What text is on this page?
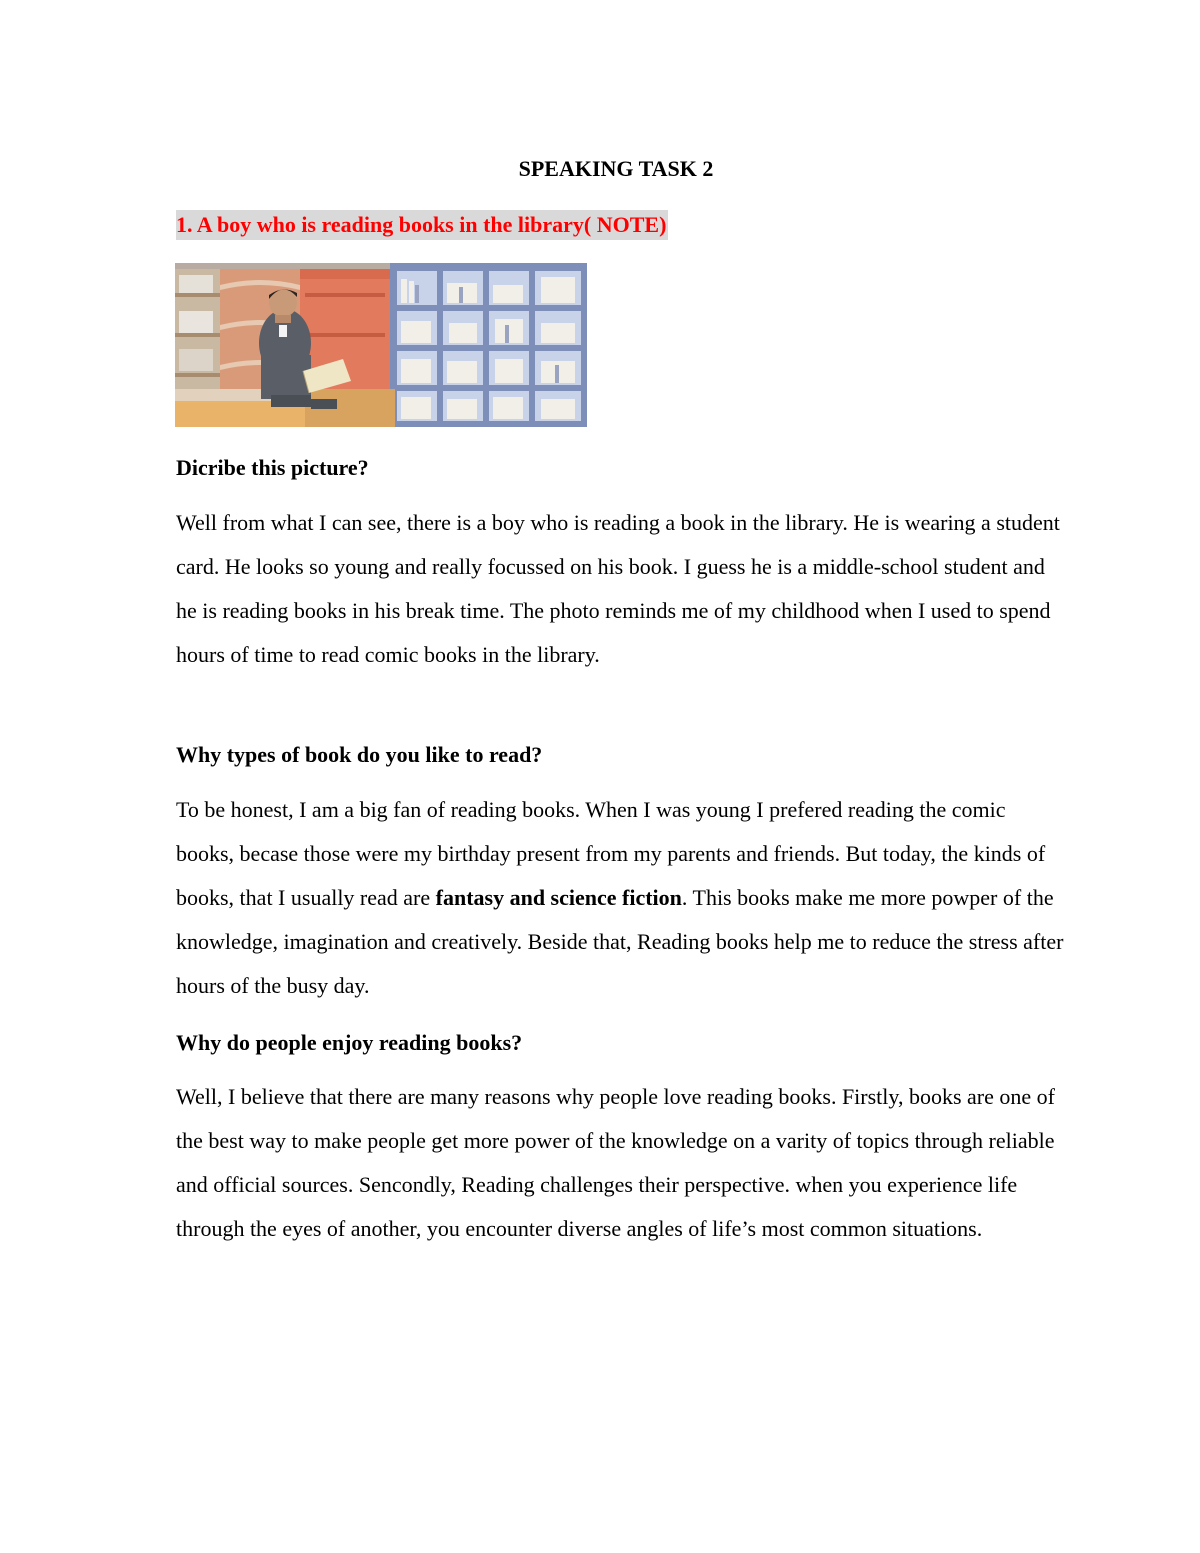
SPEAKING TASK 2
1. A boy who is reading books in the library( NOTE)
Dicribe this picture?

Well from what I can see, there is a boy who is reading a book in the library. He is wearing a student card. He looks so young and really focussed on his book. I guess he is a middle-school student and he is reading books in his break time. The photo reminds me of my childhood when I used to spend hours of time to read comic books in the library.

Why types of book do you like to read?

To be honest, I am a big fan of reading books. When I was young I prefered reading the comic books, becase those were my birthday present from my parents and friends. But today, the kinds of books, that I usually read are fantasy and science fiction. This books make me more powper of the knowledge, imagination and creatively. Beside that, Reading books help me to reduce the stress after hours of the busy day.

Why do people enjoy reading books?

Well, I believe that there are many reasons why people love reading books. Firstly, books are one of the best way to make people get more power of the knowledge on a varity of topics through reliable and official sources. Sencondly, Reading challenges their perspective. when you experience life through the eyes of another, you encounter diverse angles of life’s most common situations.
